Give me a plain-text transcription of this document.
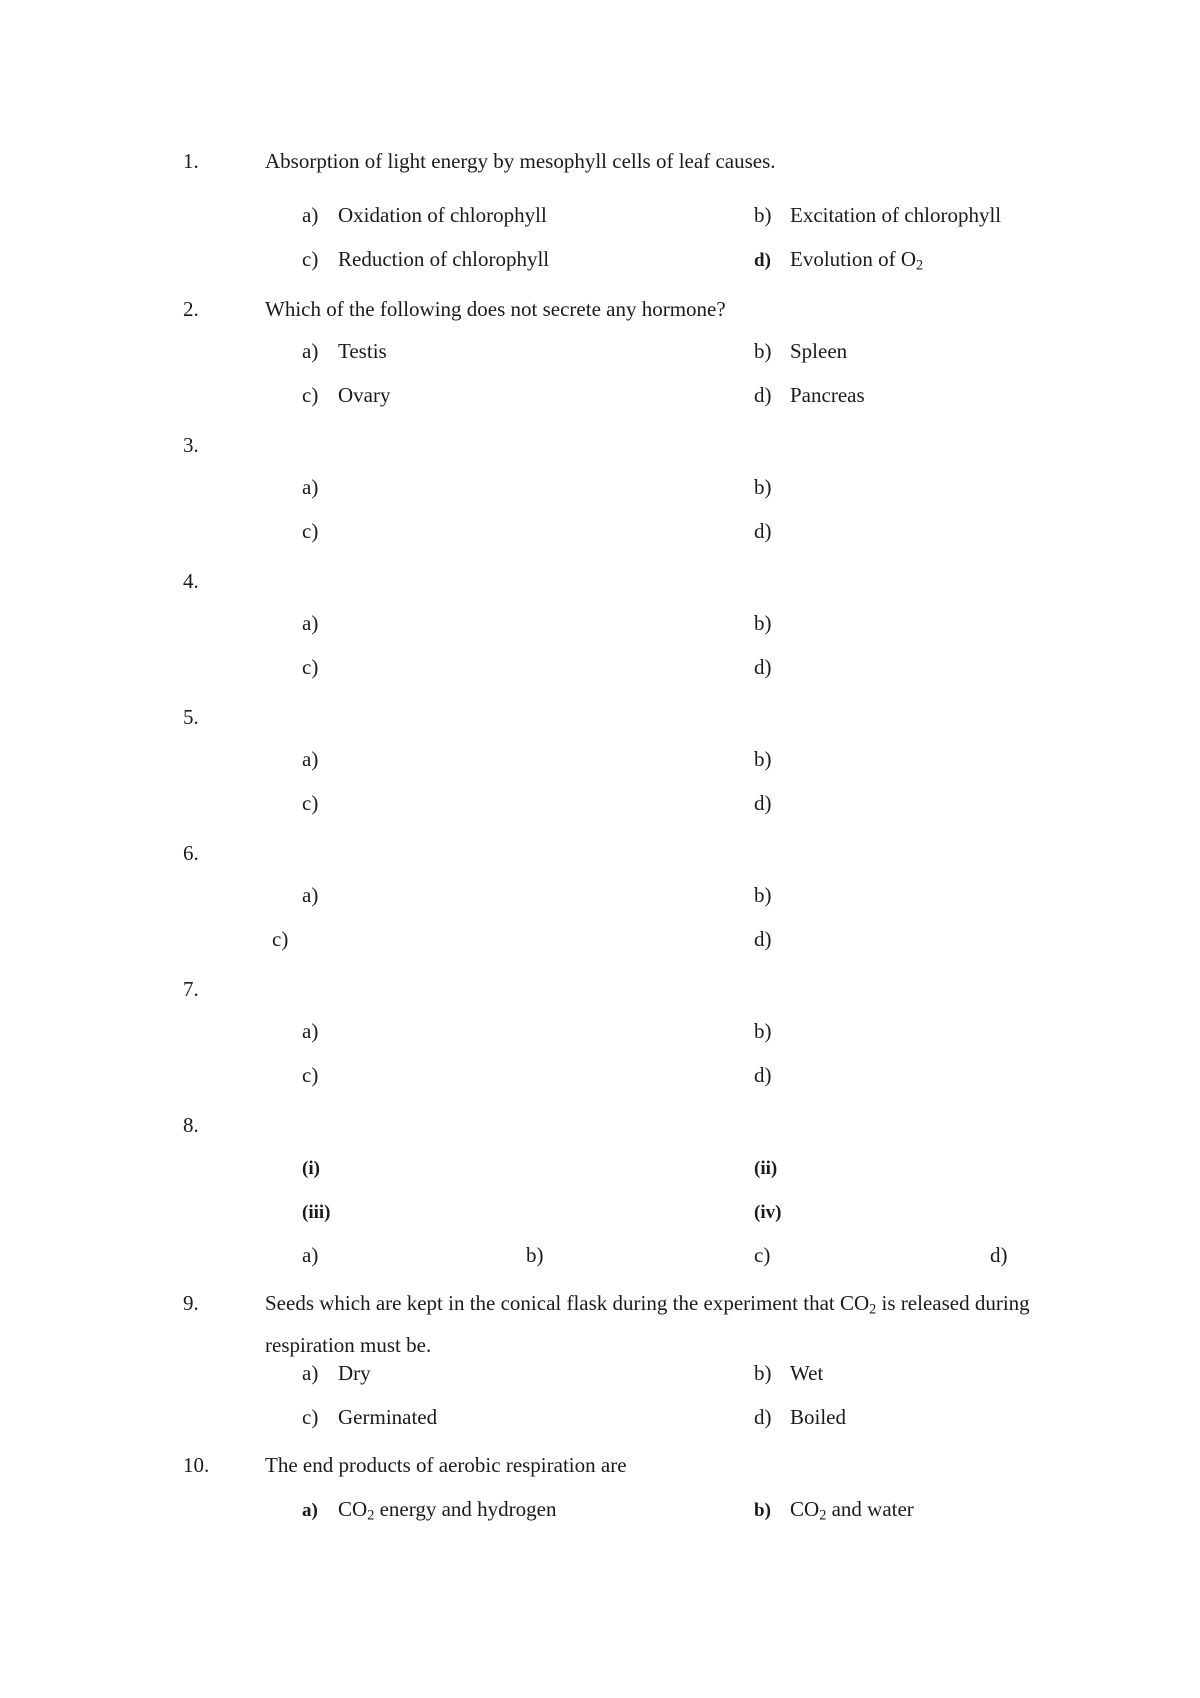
1.	Absorption of light energy by mesophyll cells of leaf causes.
a) Oxidation of chlorophyll	b) Excitation of chlorophyll
c) Reduction of chlorophyll	d) Evolution of $O_2$
2.	Which of the following does not secrete any hormone?
a) Testis	b) Spleen
c) Ovary	d) Pancreas
3.
a)	b)
c)	d)
4.
a)	b)
c)	d)
5.
a)	b)
c)	d)
6.
a)	b)
c)	d)
7.
a)	b)
c)	d)
8.
(i)	(ii)
(iii)	(iv)
a)	b)	c)	d)
9.	Seeds which are kept in the conical flask during the experiment that $CO_2$ is released during
respiration must be.
a) Dry	b) Wet
c) Germinated	d) Boiled
10.	The end products of aerobic respiration are
a) $CO_2$ energy and hydrogen	b) $CO_2$ and water
